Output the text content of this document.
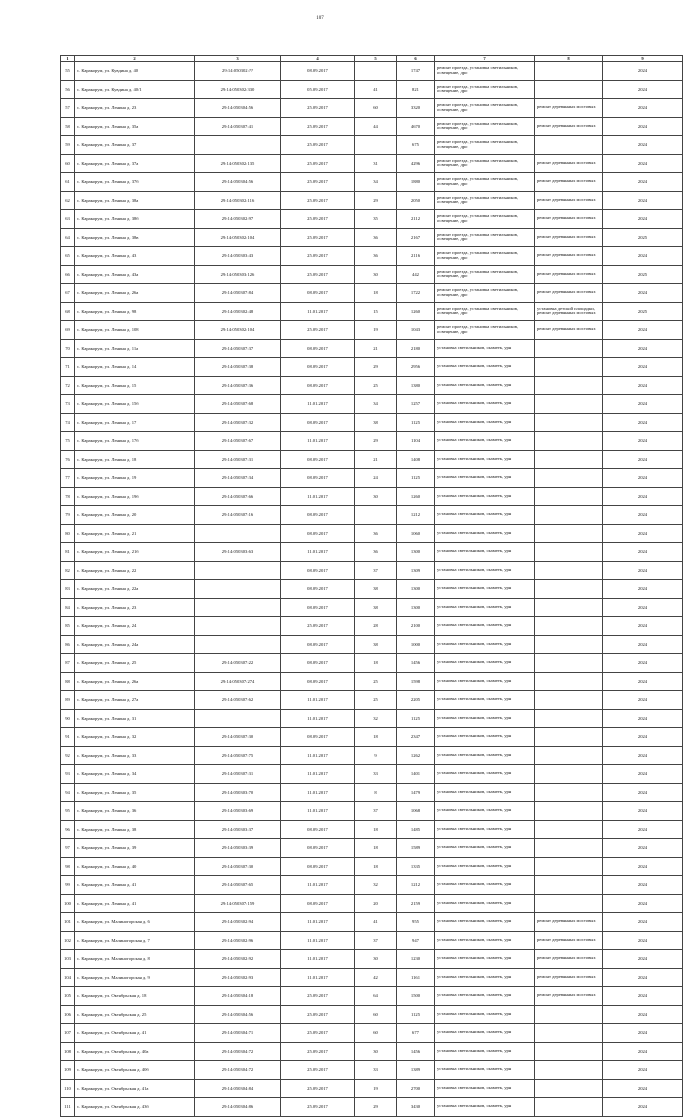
107
1	2	3	4	5	6	7	8	9
55	с. Каракорум, ул. Кувдина д. 40	29:14:050302:??	08.09.2017		1747	ремонт проезда, установка светильников, освещение, дро		2024
56	с. Каракорум, ул. Кувдина д. 40/1	29:14:050302:330	05.09.2017	41	821	ремонт проезда, установка светильников, освещение, дро		2024
57	с. Каракорум, ул. Ленина д. 23	29:14:050304:56	25.09.2017	60	3320	ремонт проезда, установка светильников, освещение, дро	ремонт деревянных мостовых	2024
58	с. Каракорум, ул. Ленина д. 35а	29:14:050307:41	25.09.2017	44	4670	ремонт проезда, установка светильников, освещение, дро	ремонт деревянных мостовых	2024
59	с. Каракорум, ул. Ленина д. 37		25.09.2017		675	ремонт проезда, установка светильников, освещение, дро		2024
60	с. Каракорум, ул. Ленина д. 37а	29:14:050302:135	25.09.2017	31	4296	ремонт проезда, установка светильников, освещение, дро	ремонт деревянных мостовых	2024
61	с. Каракорум, ул. Ленина д. 37б	29:14:050304:56	25.09.2017	34	1880	ремонт проезда, установка светильников, освещение, дро	ремонт деревянных мостовых	2024
62	с. Каракорум, ул. Ленина д. 38а	29:14:050302:116	25.09.2017	29	2050	ремонт проезда, установка светильников, освещение, дро	ремонт деревянных мостовых	2024
63	с. Каракорум, ул. Ленина д. 38б	29:14:050302:97	25.09.2017	35	2112	ремонт проезда, установка светильников, освещение, дро	ремонт деревянных мостовых	2024
64	с. Каракорум, ул. Ленина д. 38в	29:14:050302:104	25.09.2017	36	2167	ремонт проезда, установка светильников, освещение, дро	ремонт деревянных мостовых	2025
65	с. Каракорум, ул. Ленина д. 43	29:14:050303:43	25.09.2017	36	2116	ремонт проезда, установка светильников, освещение, дро	ремонт деревянных мостовых	2024
66	с. Каракорум, ул. Ленина д. 43а	29:14:050303:126	25.09.2017	30	442	ремонт проезда, установка светильников, освещение, дро	ремонт деревянных мостовых	2025
67	с. Каракорум, ул. Ленина д. 26а	29:14:050307:84	08.09.2017	18	1722	ремонт проезда, установка светильников, освещение, дро	ремонт деревянных мостовых	2024
68	с. Каракорум, ул. Ленина д. 98	29:14:050302:48	11.01.2017	15	1260	ремонт проезда, установка светильников, освещение, дро	установка детской площадки, ремонт деревянных мостовых	2025
69	с. Каракорум, ул. Ленина д. 108	29:14:050302:104	25.09.2017	19	1043	ремонт проезда, установка светильников, освещение, дро	ремонт деревянных мостовых	2024
70	с. Каракорум, ул. Ленина д. 11а	29:14:050307:37	08.09.2017	21	2180	установка светильников, скамеек, урн		2024
71	с. Каракорум, ул. Ленина д. 14	29:14:050307:38	08.09.2017	29	2956	установка светильников, скамеек, урн		2024
72	с. Каракорум, ул. Ленина д. 15	29:14:050307:36	08.09.2017	25	1380	установка светильников, скамеек, урн		2024
73	с. Каракорум, ул. Ленина д. 15б	29:14:050307:68	11.01.2017	34	1257	установка светильников, скамеек, урн		2024
74	с. Каракорум, ул. Ленина д. 17	29:14:050307:32	08.09.2017	38	1125	установка светильников, скамеек, урн		2024
75	с. Каракорум, ул. Ленина д. 17б	29:14:050307:67	11.01.2017	29	1104	установка светильников, скамеек, урн		2024
76	с. Каракорум, ул. Ленина д. 18	29:14:050307:31	08.09.2017	21	1408	установка светильников, скамеек, урн		2024
77	с. Каракорум, ул. Ленина д. 19	29:14:050307:34	08.09.2017	24	1125	установка светильников, скамеек, урн		2024
78	с. Каракорум, ул. Ленина д. 19б	29:14:050307:66	11.01.2017	30	1260	установка светильников, скамеек, урн		2024
79	с. Каракорум, ул. Ленина д. 20	29:14:050307:16	08.09.2017		1212	установка светильников, скамеек, урн		2024
80	с. Каракорум, ул. Ленина д. 21		08.09.2017	36	1060	установка светильников, скамеек, урн		2024
81	с. Каракорум, ул. Ленина д. 21б	29:14:050303:63	11.01.2017	36	1300	установка светильников, скамеек, урн		2024
82	с. Каракорум, ул. Ленина д. 22		08.09.2017	37	1309	установка светильников, скамеек, урн		2024
83	с. Каракорум, ул. Ленина д. 22а		08.09.2017	38	1300	установка светильников, скамеек, урн		2024
84	с. Каракорум, ул. Ленина д. 23		08.09.2017	38	1300	установка светильников, скамеек, урн		2024
85	с. Каракорум, ул. Ленина д. 24		25.09.2017	28	2100	установка светильников, скамеек, урн		2024
86	с. Каракорум, ул. Ленина д. 24а		08.09.2017	38	1000	установка светильников, скамеек, урн		2024
87	с. Каракорум, ул. Ленина д. 25	29:14:050307:22	08.09.2017	18	1456	установка светильников, скамеек, урн		2024
88	с. Каракорум, ул. Ленина д. 26а	29:14:050307:274	08.09.2017	25	1598	установка светильников, скамеек, урн		2024
89	с. Каракорум, ул. Ленина д. 27а	29:14:050307:62	11.01.2017	25	2205	установка светильников, скамеек, урн		2024
90	с. Каракорум, ул. Ленина д. 31		11.01.2017	32	1125	установка светильников, скамеек, урн		2024
91	с. Каракорум, ул. Ленина д. 32	29:14:050307:30	08.09.2017	18	2347	установка светильников, скамеек, урн		2024
92	с. Каракорум, ул. Ленина д. 33	29:14:050307:75	11.01.2017	9	1262	установка светильников, скамеек, урн		2024
93	с. Каракорум, ул. Ленина д. 34	29:14:050307:31	11.01.2017	33	1401	установка светильников, скамеек, урн		2024
94	с. Каракорум, ул. Ленина д. 35	29:14:050303:70	11.01.2017	8	1479	установка светильников, скамеек, урн		2024
95	с. Каракорум, ул. Ленина д. 36	29:14:050303:69	11.01.2017	37	1068	установка светильников, скамеек, урн		2024
96	с. Каракорум, ул. Ленина д. 38	29:14:050303:37	08.09.2017	18	1485	установка светильников, скамеек, урн		2024
97	с. Каракорум, ул. Ленина д. 39	29:14:050303:39	08.09.2017	18	1589	установка светильников, скамеек, урн		2024
98	с. Каракорум, ул. Ленина д. 40	29:14:050307:30	08.09.2017	18	1335	установка светильников, скамеек, урн		2024
99	с. Каракорум, ул. Ленина д. 41	29:14:050307:65	11.01.2017	32	1212	установка светильников, скамеек, урн		2024
100	с. Каракорум, ул. Ленина д. 41	29:14:050307:159	08.09.2017	20	2159	установка светильников, скамеек, урн		2024
101	с. Каракорум, ул. Малиногорская д. 6	29:14:050302:94	11.01.2017	41	955	установка светильников, скамеек, урн	ремонт деревянных мостовых	2024
102	с. Каракорум, ул. Малиногорская д. 7	29:14:050302:96	11.01.2017	37	947	установка светильников, скамеек, урн	ремонт деревянных мостовых	2024
103	с. Каракорум, ул. Малиногорская д. 8	29:14:050302:92	11.01.2017	30	1230	установка светильников, скамеек, урн	ремонт деревянных мостовых	2024
104	с. Каракорум, ул. Малиногорская д. 9	29:14:050302:93	11.01.2017	42	1161	установка светильников, скамеек, урн	ремонт деревянных мостовых	2024
105	с. Каракорум, ул. Октябрьская д. 18	29:14:050304:18	25.09.2017	64	1500	установка светильников, скамеек, урн	ремонт деревянных мостовых	2024
106	с. Каракорум, ул. Октябрьская д. 25	29:14:050304:56	25.09.2017	60	1125	установка светильников, скамеек, урн		2024
107	с. Каракорум, ул. Октябрьская д. 41	29:14:050304:71	25.09.2017	60	677	установка светильников, скамеек, урн		2024
108	с. Каракорум, ул. Октябрьская д. 40а	29:14:050304:72	25.09.2017	30	1456	установка светильников, скамеек, урн		2024
109	с. Каракорум, ул. Октябрьская д. 40б	29:14:050304:72	25.09.2017	33	1389	установка светильников, скамеек, урн		2024
110	с. Каракорум, ул. Октябрьская д. 41а	29:14:050304:84	25.09.2017	19	2700	установка светильников, скамеек, урн		2024
111	с. Каракорум, ул. Октябрьская д. 43б	29:14:050304:86	25.09.2017	29	3430	установка светильников, скамеек, урн		2024
